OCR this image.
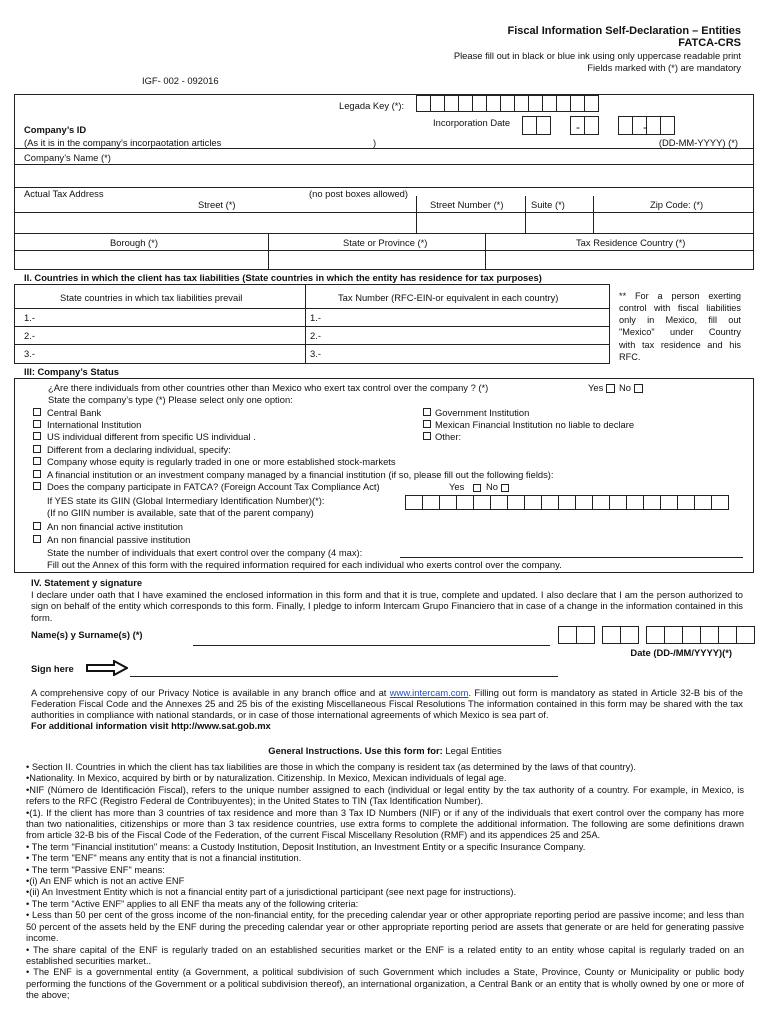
Fiscal Information Self-Declaration – Entities
FATCA-CRS
Please fill out in black or blue ink using only uppercase readable print
Fields marked with (*) are mandatory
IGF- 002 - 092016
Legada Key (*):
Incorporation Date	-	-
Company’s ID
(As it is in the company’s incorpaotation articles	)	(DD-MM-YYYY) (*)
Company’s Name (*)
Actual Tax Address	(no post boxes allowed)
Street (*)	Street Number (*)	Suite (*)	Zip Code: (*)
Borough (*)	State or Province (*)	Tax Residence Country (*)
II. Countries in which the client has tax liabilities (State countries in which the entity has residence for tax purposes)
State countries in which tax liabilities prevail	Tax Number (RFC-EIN-or equivalent in each country)
1.-	1.-
2.-	2.-
3.-	3.-
** For a person exerting
control with fiscal liabilities
only in Mexico, fill out
"Mexico" under Country
with tax residence and his
RFC.
III: Company’s Status
¿Are there individuals from other countries other than Mexico who exert tax control over the company ? (*)	Yes No
State the company’s type (*) Please select only one option:
Central Bank
International Institution
US individual different from specific US individual .
Different from a declaring individual, specify:
Company whose equity is regularly traded in one or more established stock-markets
A financial institution or an investment company managed by a financial institution (if so, please fill out the following fields):
Government Institution
Mexican Financial Institution no liable to declare
Other:
Does the company participate in FATCA? (Foreign Account Tax Compliance Act)	Yes No
If YES state its GIIN (Global Intermediary Identification Number)(*):
(If no GIIN number is available, sate that of the parent company)
An non financial active institution
An non financial passive institution
State the number of individuals that exert control over the company (4 max):
Fill out the Annex of this form with the required information required for each individual who exerts control over the company.
IV. Statement y signature
I declare under oath that I have examined the enclosed information in this form and that it is true, complete and updated. I also declare that I am the person authorized to sign on behalf of the entity which corresponds to this form. Finally, I pledge to inform Intercam Grupo Financiero that in case of a change in the information contained in this form.
Name(s) y Surname(s) (*)
Date (DD-/MM/YYYY)(*)
Sign here
A comprehensive copy of our Privacy Notice is available in any branch office and at www.intercam.com. Filling out form is mandatory as stated in Article 32-B bis of the Federation Fiscal Code and the Annexes 25 and 25 bis of the existing Miscellaneous Fiscal Resolutions The information contained in this form may be shared with the tax authorities in compliance with national standards, or in case of those international agreements of which Mexico is sea part of.
For additional information visit http://www.sat.gob.mx
General Instructions. Use this form for: Legal Entities
• Section II. Countries in which the client has tax liabilities are those in which the company is resident tax (as determined by the laws of that country).
•Nationality. In Mexico, acquired by birth or by naturalization. Citizenship. In Mexico, Mexican individuals of legal age.
•NIF (Número de Identificación Fiscal), refers to the unique number assigned to each (individual or legal entity by the tax authority of a country. For example, in Mexico, is refers to the RFC (Registro Federal de Contribuyentes); in the United States to TIN (Tax Identification Number).
•(1). If the client has more than 3 countries of tax residence and more than 3 Tax ID Numbers (NIF) or if any of the individuals that exert control over the company has more than two nationalities, citizenships or more than 3 tax residence countries, use extra forms to complete the additional information. The following are some definitions drawn from article 32-B bis of the Fiscal Code of the Federation, of the current Fiscal Miscellany Resolution (RMF) and its appendices 25 and 25A.
• The term "Financial institution" means: a Custody Institution, Deposit Institution, an Investment Entity or a specific Insurance Company.
• The term "ENF" means any entity that is not a financial institution.
• The term "Passive ENF" means:
•(i) An ENF which is not an active ENF
•(ii) An Investment Entity which is not a financial entity part of a jurisdictional participant (see next page for instructions).
• The term “Active ENF” applies to all ENF tha meats any of the following criteria:
• Less than 50 per cent of the gross income of the non-financial entity, for the preceding calendar year or other appropriate reporting period are passive income; and less than 50 percent of the assets held by the ENF during the preceding calendar year or other appropriate reporting period are assets that generate or are held for generating passive income.
• The share capital of the ENF is regularly traded on an established securities market or the ENF is a related entity to an entity whose capital is regularly traded on an established securities market..
• The ENF is a governmental entity (a Government, a political subdivision of such Government which includes a State, Province, County or Municipality or public body performing the functions of the Government or a political subdivision thereof), an international organization, a Central Bank or an entity that is wholly owned by one or more of the above;
